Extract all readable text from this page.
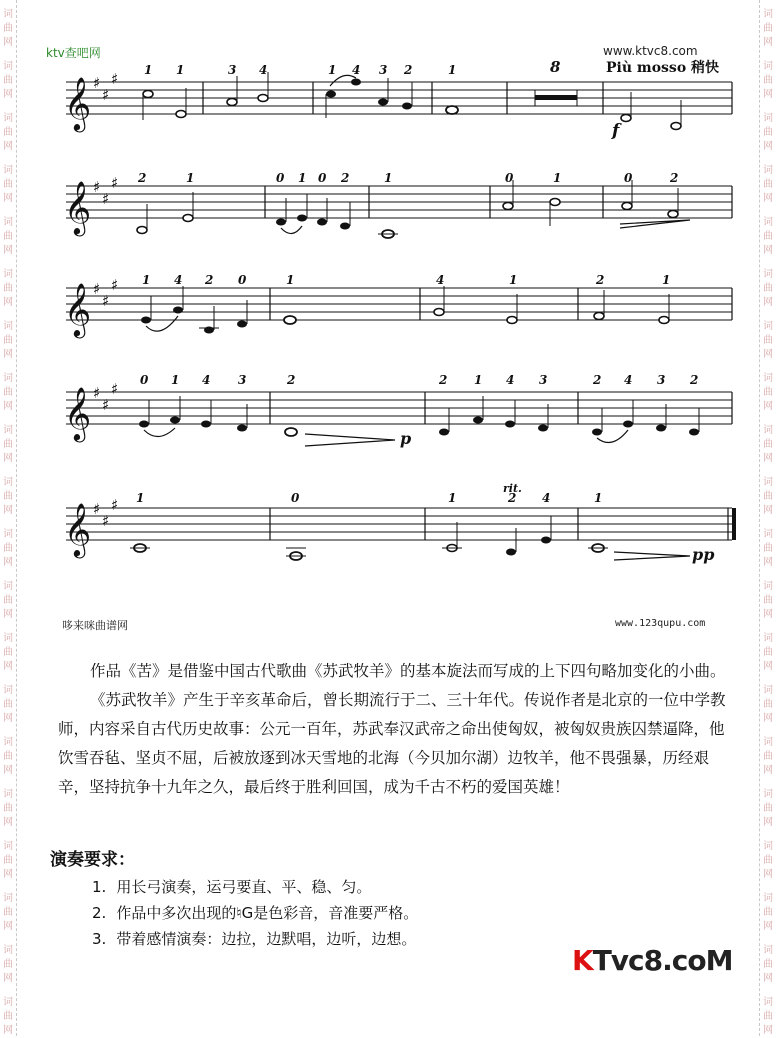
词
曲
网
词
曲
网
词
曲
网
词
曲
网
词
曲
网
词
曲
网
词
曲
网
词
曲
网
词
曲
网
词
曲
网
词
曲
网
词
曲
网
词
曲
网
词
曲
网
词
曲
网
词
曲
网
词
曲
网
词
曲
网
词
曲
网
词
曲
网
词
曲
网
词
曲
网
词
曲
网
词
曲
网
词
曲
网
词
曲
网
词
曲
网
词
曲
网
词
曲
网
词
曲
网
词
曲
网
词
曲
网
词
曲
网
词
曲
网
词
曲
网
词
曲
网
词
曲
网
词
曲
网
词
曲
网
词
曲
网
ktv查吧网	www.ktvc8.com
𝄞
𝄞
𝄞
𝄞
𝄞
♯
♯
♯
♯
♯
♯
♯
♯
♯
♯
♯
♯
♯
♯
♯
1 1	3 4	1 4 3 2	1
2	1	0 1 0 2	1	0	1	0	2
1 4 2 0	1	4	1	2	1
0 1 4 3	2	2 1 4 3	2 4 3 2
1	0	1	2 4	1
8	Più mosso 稍快
f
p
pp
rit.
哆来咪曲谱网	www.123qupu.com

作品《苦》是借鉴中国古代歌曲《苏武牧羊》的基本旋法而写成的上下四句略加变化的小曲。

《苏武牧羊》产生于辛亥革命后，曾长期流行于二、三十年代。传说作者是北京的一位中学教师，内容采自古代历史故事：公元一百年，苏武奉汉武帝之命出使匈奴，被匈奴贵族囚禁逼降，他饮雪吞毡、坚贞不屈，后被放逐到冰天雪地的北海（今贝加尔湖）边牧羊，他不畏强暴，历经艰辛，坚持抗争十九年之久，最后终于胜利回国，成为千古不朽的爱国英雄！

演奏要求：
1. 用长弓演奏，运弓要直、平、稳、匀。
2. 作品中多次出现的♮G是色彩音，音准要严格。
3. 带着感情演奏：边拉，边默唱，边听，边想。
KTvc8.coM
